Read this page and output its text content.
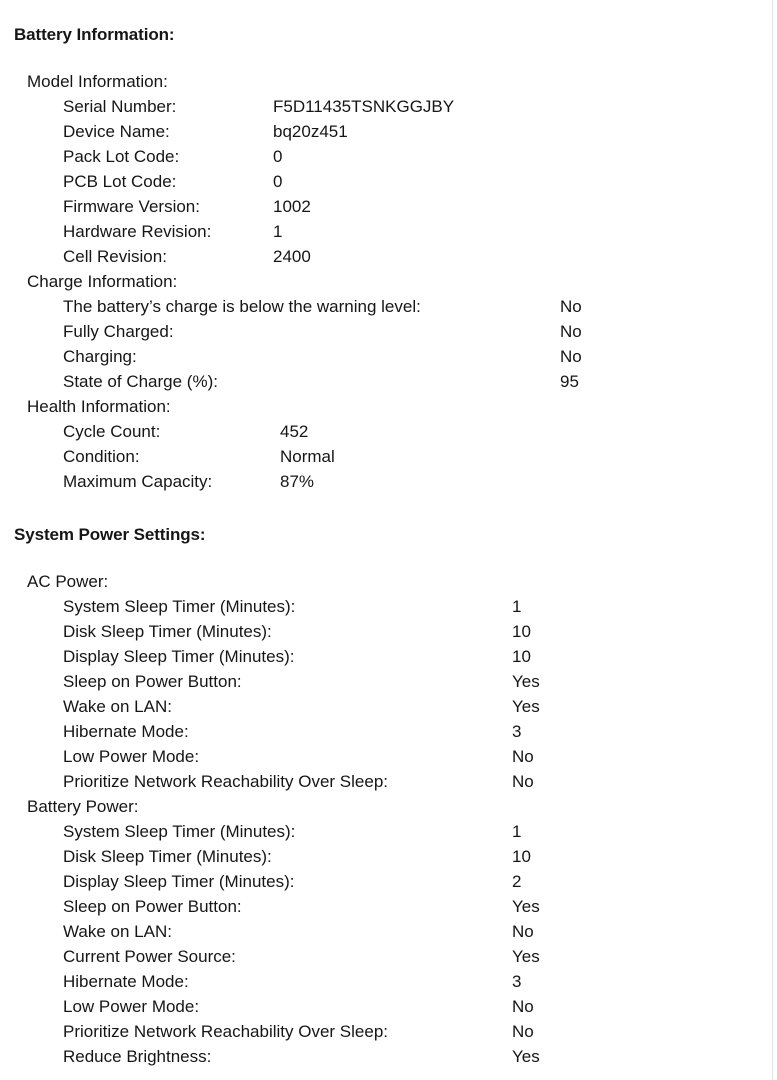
Battery Information:
Model Information:
Serial Number:	F5D11435TSNKGGJBY
Device Name:	bq20z451
Pack Lot Code:	0
PCB Lot Code:	0
Firmware Version:	1002
Hardware Revision:	1
Cell Revision:	2400
Charge Information:
The battery’s charge is below the warning level:	No
Fully Charged:	No
Charging:	No
State of Charge (%):	95
Health Information:
Cycle Count:	452
Condition:	Normal
Maximum Capacity:	87%
System Power Settings:
AC Power:
System Sleep Timer (Minutes):	1
Disk Sleep Timer (Minutes):	10
Display Sleep Timer (Minutes):	10
Sleep on Power Button:	Yes
Wake on LAN:	Yes
Hibernate Mode:	3
Low Power Mode:	No
Prioritize Network Reachability Over Sleep:	No
Battery Power:
System Sleep Timer (Minutes):	1
Disk Sleep Timer (Minutes):	10
Display Sleep Timer (Minutes):	2
Sleep on Power Button:	Yes
Wake on LAN:	No
Current Power Source:	Yes
Hibernate Mode:	3
Low Power Mode:	No
Prioritize Network Reachability Over Sleep:	No
Reduce Brightness:	Yes
